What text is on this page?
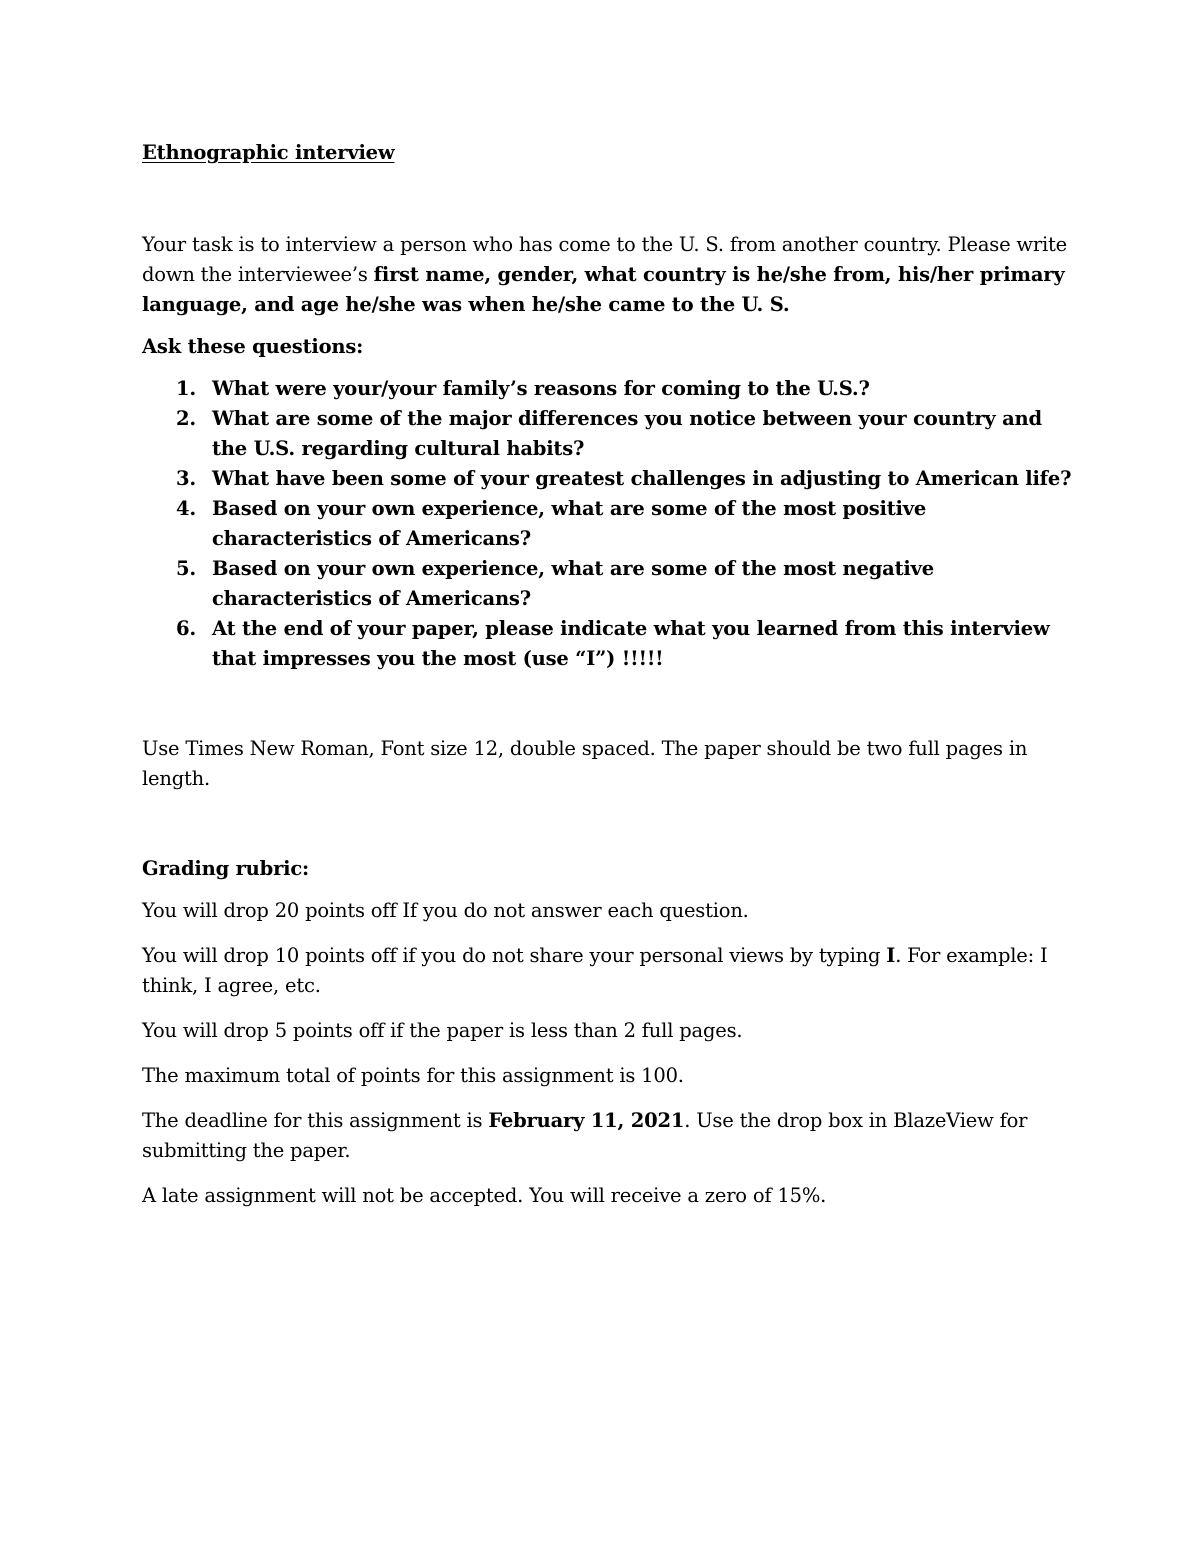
Ethnographic interview

Your task is to interview a person who has come to the U. S. from another country. Please write down the interviewee’s first name, gender, what country is he/she from, his/her primary language, and age he/she was when he/she came to the U. S.

Ask these questions:

1. What were your/your family’s reasons for coming to the U.S.?
2. What are some of the major differences you notice between your country and the U.S. regarding cultural habits?
3. What have been some of your greatest challenges in adjusting to American life?
4. Based on your own experience, what are some of the most positive characteristics of Americans?
5. Based on your own experience, what are some of the most negative characteristics of Americans?
6. At the end of your paper, please indicate what you learned from this interview that impresses you the most (use “I”) !!!!!

Use Times New Roman, Font size 12, double spaced. The paper should be two full pages in length.

Grading rubric:

You will drop 20 points off If you do not answer each question.

You will drop 10 points off if you do not share your personal views by typing I. For example: I think, I agree, etc.

You will drop 5 points off if the paper is less than 2 full pages.

The maximum total of points for this assignment is 100.

The deadline for this assignment is February 11, 2021. Use the drop box in BlazeView for submitting the paper.

A late assignment will not be accepted. You will receive a zero of 15%.
